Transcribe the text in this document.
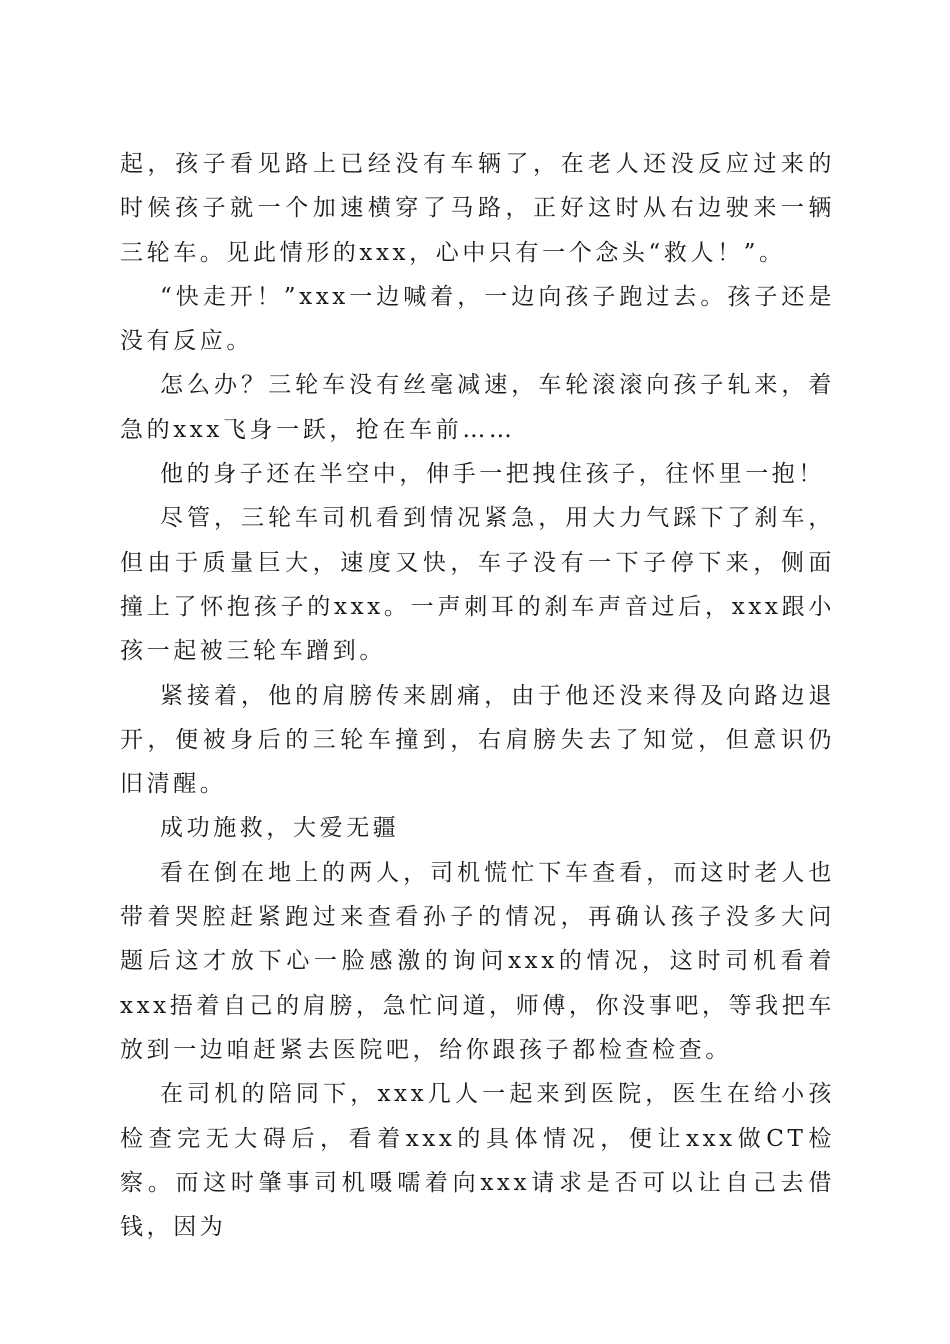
起，孩子看见路上已经没有车辆了，在老人还没反应过来的时候孩子就一个加速横穿了马路，正好这时从右边驶来一辆三轮车。见此情形的xxx，心中只有一个念头“救人！”。

“快走开！”xxx一边喊着，一边向孩子跑过去。孩子还是没有反应。

怎么办？三轮车没有丝毫减速，车轮滚滚向孩子轧来，着急的xxx飞身一跃，抢在车前……

他的身子还在半空中，伸手一把拽住孩子，往怀里一抱！

尽管，三轮车司机看到情况紧急，用大力气踩下了刹车，但由于质量巨大，速度又快，车子没有一下子停下来，侧面撞上了怀抱孩子的xxx。一声刺耳的刹车声音过后，xxx跟小孩一起被三轮车蹭到。

紧接着，他的肩膀传来剧痛，由于他还没来得及向路边退开，便被身后的三轮车撞到，右肩膀失去了知觉，但意识仍旧清醒。

成功施救，大爱无疆

看在倒在地上的两人，司机慌忙下车查看，而这时老人也带着哭腔赶紧跑过来查看孙子的情况，再确认孩子没多大问题后这才放下心一脸感激的询问xxx的情况，这时司机看着xxx捂着自己的肩膀，急忙问道，师傅，你没事吧，等我把车放到一边咱赶紧去医院吧，给你跟孩子都检查检查。

在司机的陪同下，xxx几人一起来到医院，医生在给小孩检查完无大碍后，看着xxx的具体情况，便让xxx做CT检察。而这时肇事司机嗫嚅着向xxx请求是否可以让自己去借钱，因为
